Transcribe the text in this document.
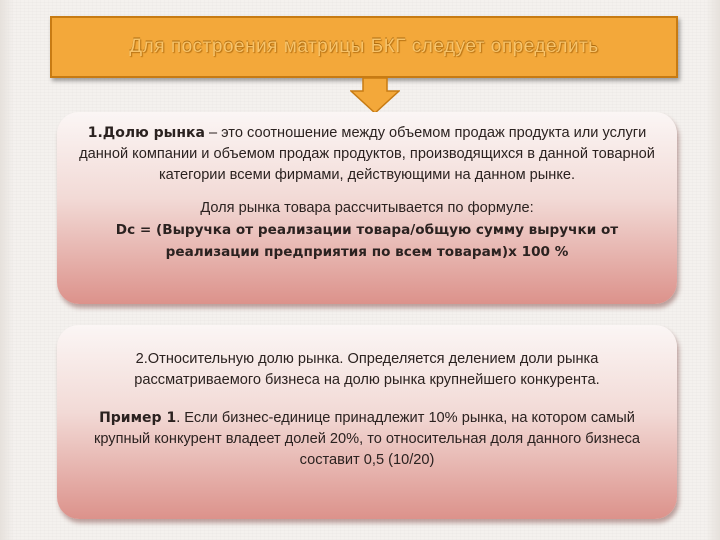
Для построения матрицы БКГ следует определить

1.Долю рынка – это соотношение между объемом продаж продукта или услуги данной компании и объемом продаж продуктов, производящихся в данной товарной категории всеми фирмами, действующими на данном рынке.

Доля рынка товара рассчитывается по формуле:

Dc = (Выручка от реализации товара/общую сумму выручки от реализации предприятия по всем товарам)х 100 %

2.Относительную долю рынка. Определяется делением доли рынка рассматриваемого бизнеса на долю рынка крупнейшего конкурента.

Пример 1. Если бизнес-единице принадлежит 10% рынка, на котором самый крупный конкурент владеет долей 20%, то относительная доля данного бизнеса составит 0,5 (10/20)
